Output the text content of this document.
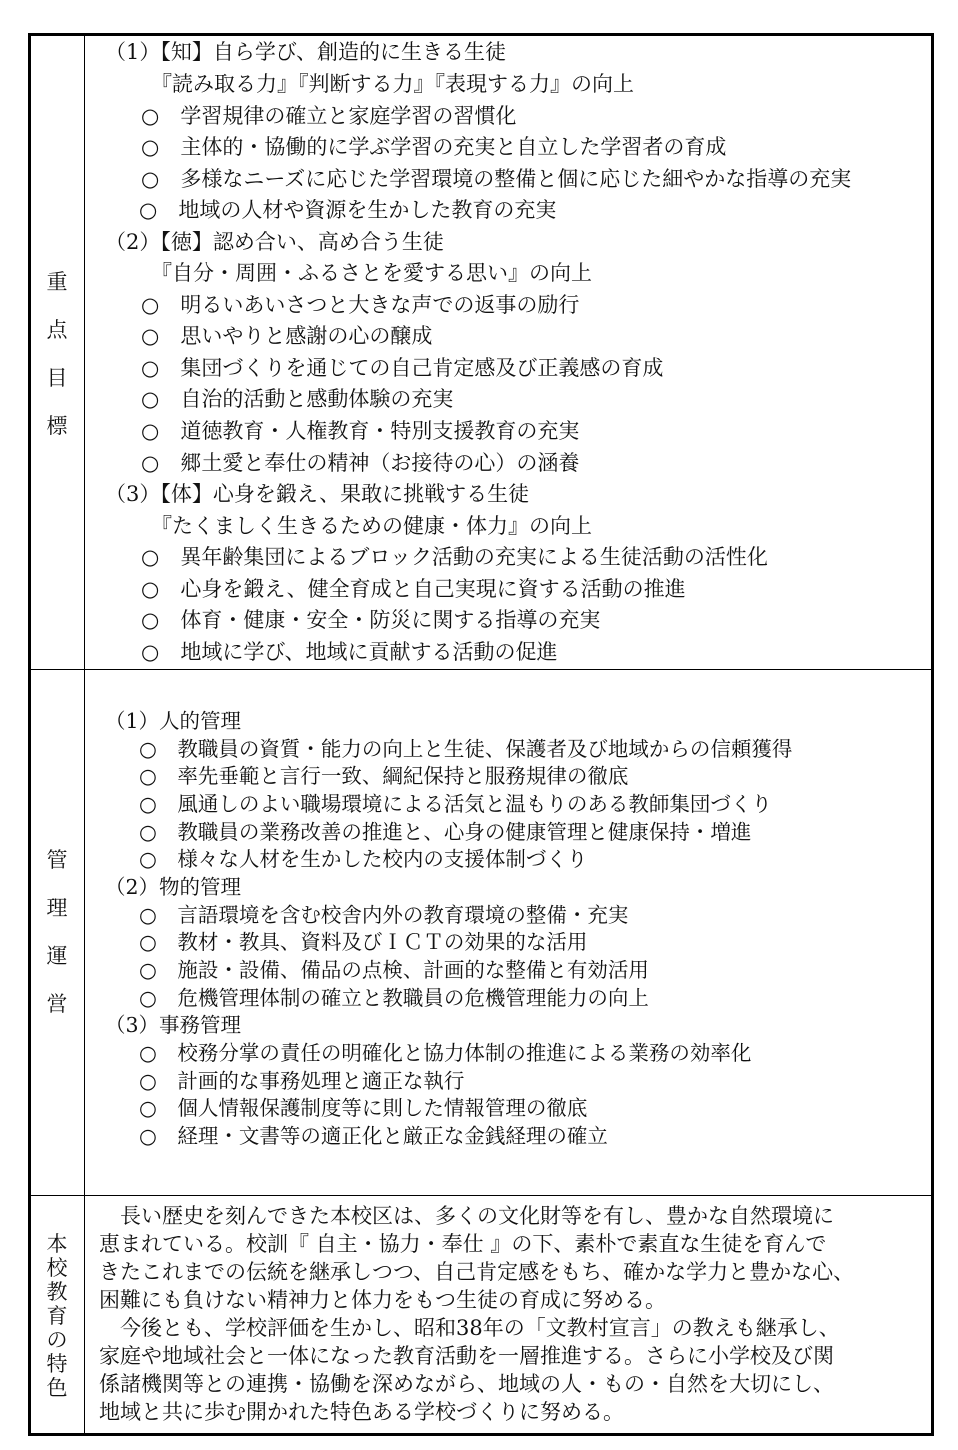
重
点
目
標
（1）【知】自ら学び、創造的に生きる生徒
『読み取る力』『判断する力』『表現する力』の向上
○　学習規律の確立と家庭学習の習慣化
○　主体的・協働的に学ぶ学習の充実と自立した学習者の育成
○　多様なニーズに応じた学習環境の整備と個に応じた細やかな指導の充実
○　地域の人材や資源を生かした教育の充実
（2）【徳】認め合い、高め合う生徒
『自分・周囲・ふるさとを愛する思い』の向上
○　明るいあいさつと大きな声での返事の励行
○　思いやりと感謝の心の醸成
○　集団づくりを通じての自己肯定感及び正義感の育成
○　自治的活動と感動体験の充実
○　道徳教育・人権教育・特別支援教育の充実
○　郷土愛と奉仕の精神（お接待の心）の涵養
（3）【体】心身を鍛え、果敢に挑戦する生徒
『たくましく生きるための健康・体力』の向上
○　異年齢集団によるブロック活動の充実による生徒活動の活性化
○　心身を鍛え、健全育成と自己実現に資する活動の推進
○　体育・健康・安全・防災に関する指導の充実
○　地域に学び、地域に貢献する活動の促進
管
理
運
営
（1）人的管理
○　教職員の資質・能力の向上と生徒、保護者及び地域からの信頼獲得
○　率先垂範と言行一致、綱紀保持と服務規律の徹底
○　風通しのよい職場環境による活気と温もりのある教師集団づくり
○　教職員の業務改善の推進と、心身の健康管理と健康保持・増進
○　様々な人材を生かした校内の支援体制づくり
（2）物的管理
○　言語環境を含む校舎内外の教育環境の整備・充実
○　教材・教具、資料及びＩＣＴの効果的な活用
○　施設・設備、備品の点検、計画的な整備と有効活用
○　危機管理体制の確立と教職員の危機管理能力の向上
（3）事務管理
○　校務分掌の責任の明確化と協力体制の推進による業務の効率化
○　計画的な事務処理と適正な執行
○　個人情報保護制度等に則した情報管理の徹底
○　経理・文書等の適正化と厳正な金銭経理の確立
本
校
教
育
の
特
色
　長い歴史を刻んできた本校区は、多くの文化財等を有し、豊かな自然環境に
恵まれている。校訓『 自主・協力・奉仕 』の下、素朴で素直な生徒を育んで
きたこれまでの伝統を継承しつつ、自己肯定感をもち、確かな学力と豊かな心、
困難にも負けない精神力と体力をもつ生徒の育成に努める。
　今後とも、学校評価を生かし、昭和38年の「文教村宣言」の教えも継承し、
家庭や地域社会と一体になった教育活動を一層推進する。さらに小学校及び関
係諸機関等との連携・協働を深めながら、地域の人・もの・自然を大切にし、
地域と共に歩む開かれた特色ある学校づくりに努める。
